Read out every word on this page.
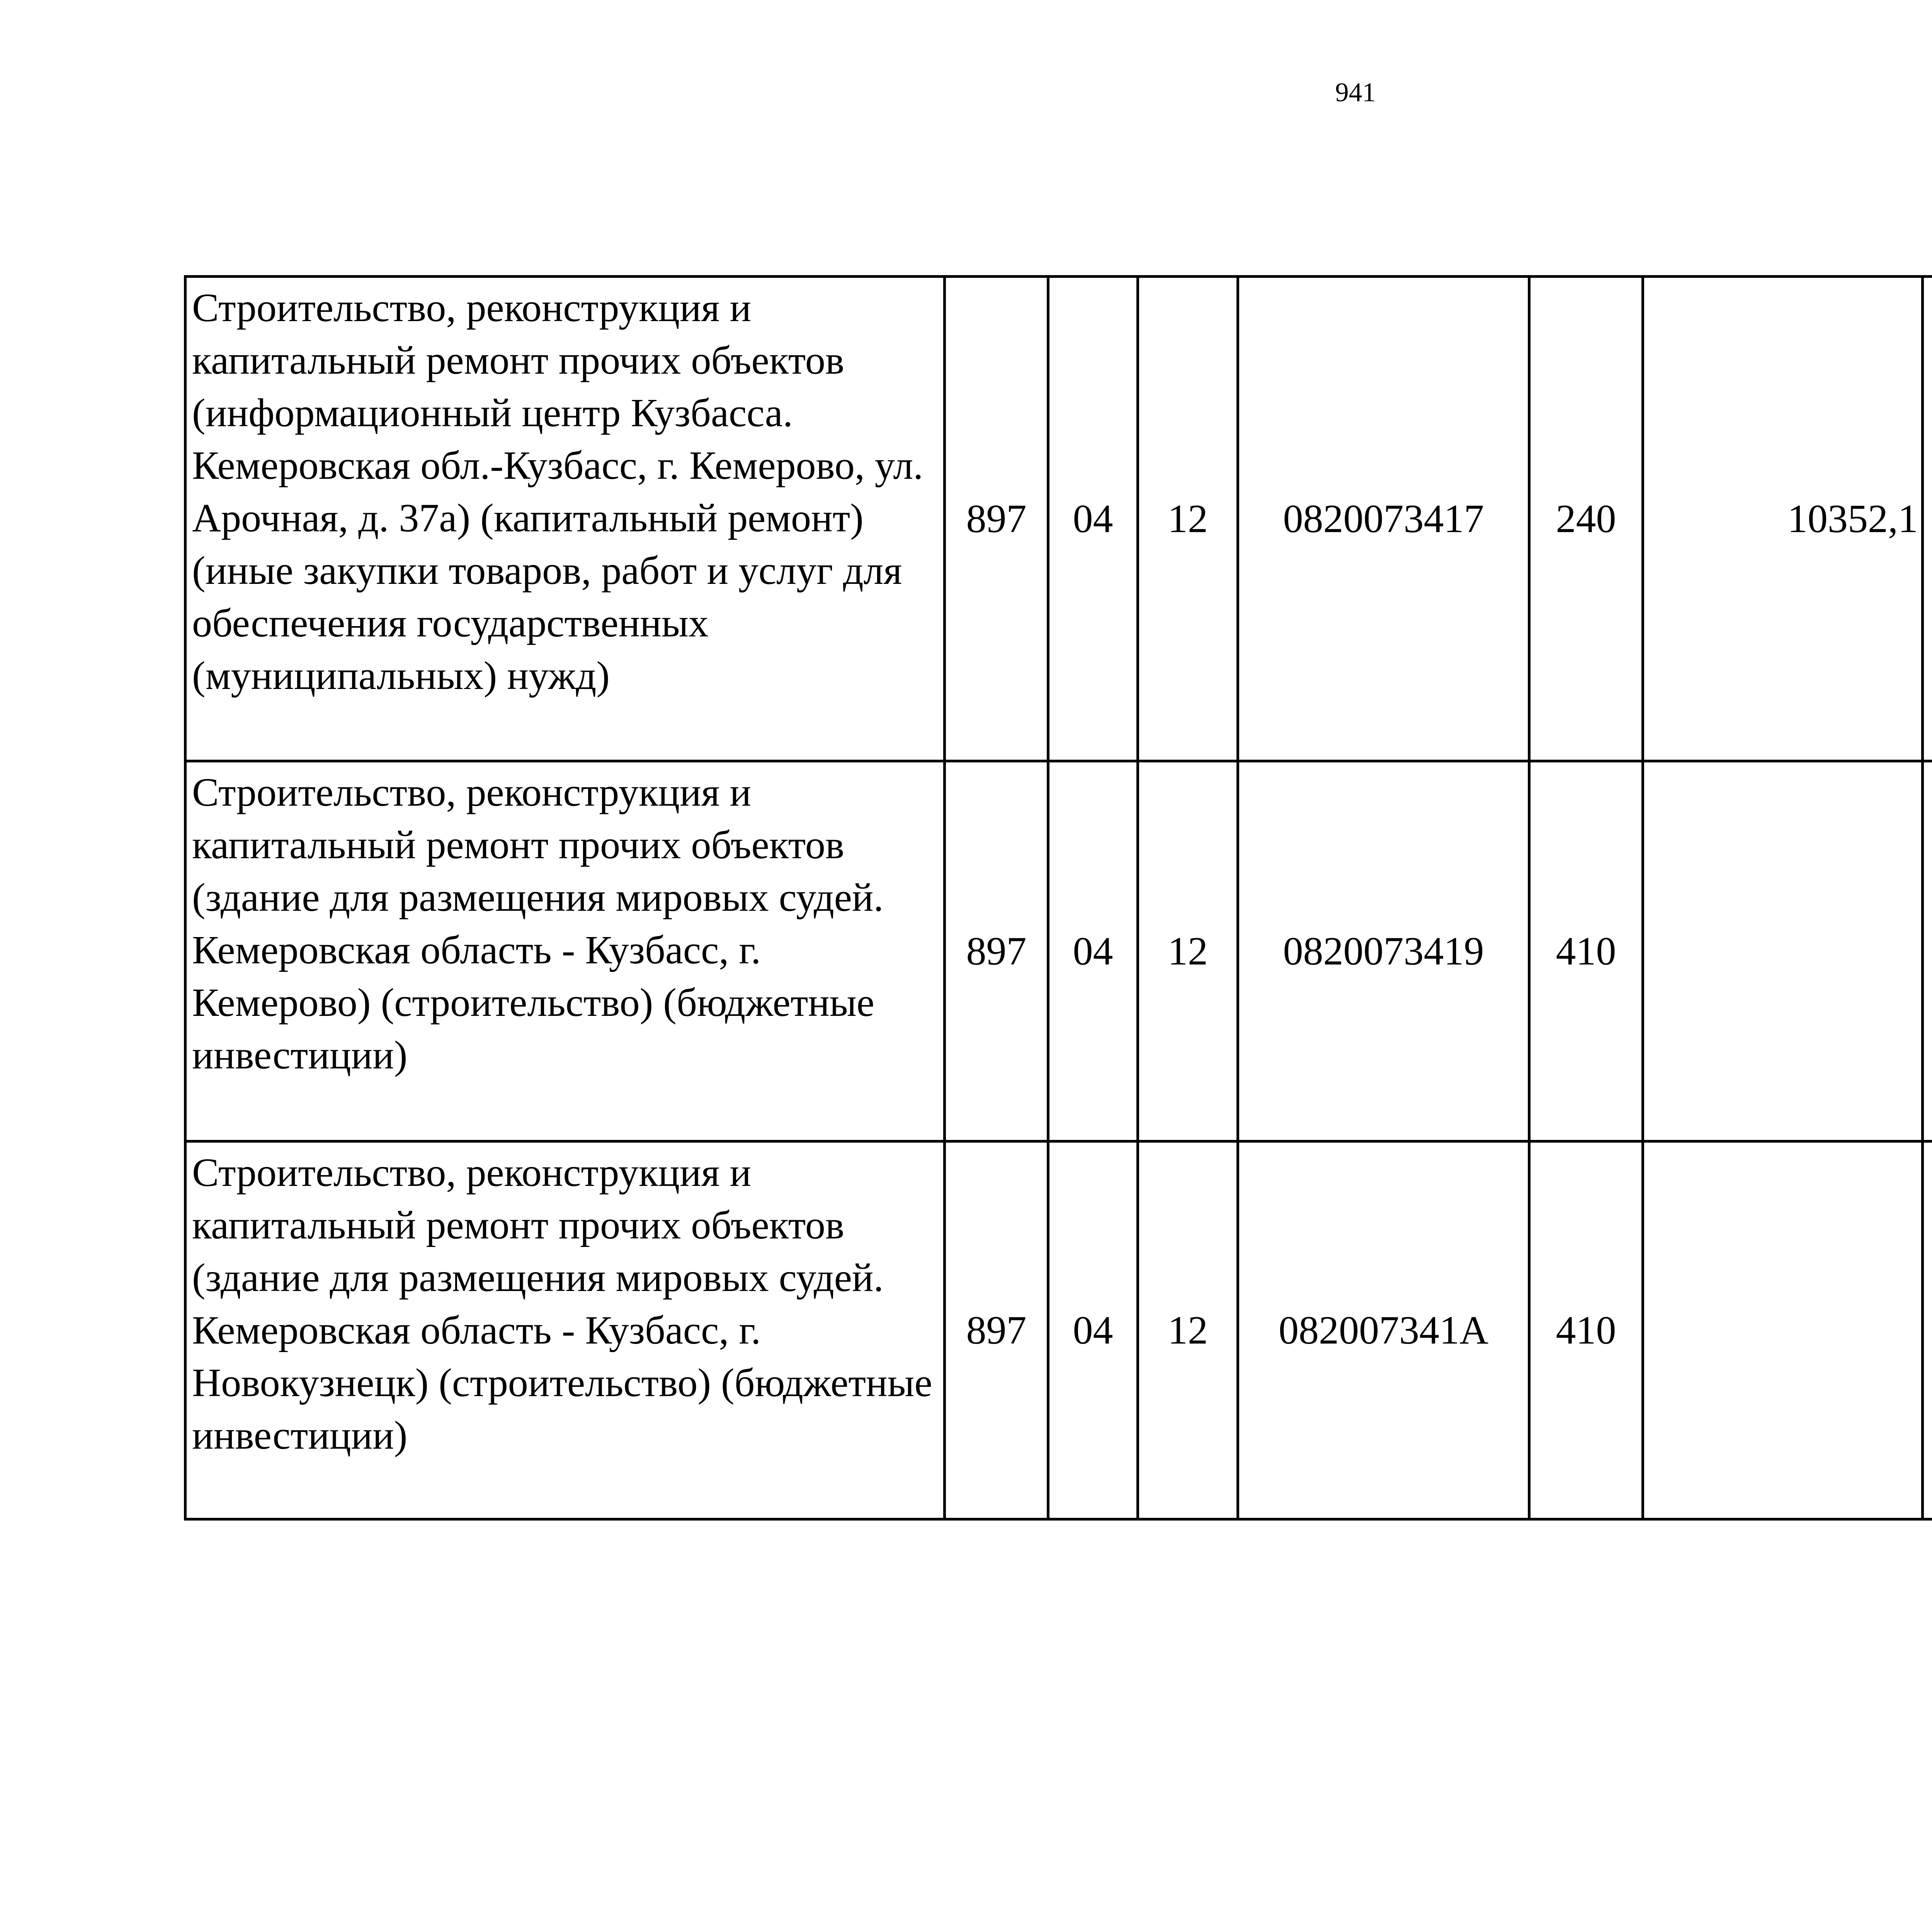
941
Строительство, реконструкция и капитальный ремонт прочих объектов (информационный центр Кузбасса. Кемеровская обл.-Кузбасс, г. Кемерово, ул. Арочная, д. 37а) (капитальный ремонт) (иные закупки товаров, работ и услуг для обеспечения государственных (муниципальных) нужд)	897	04	12	0820073417	240	10352,1		
Строительство, реконструкция и капитальный ремонт прочих объектов (здание для размещения мировых судей. Кемеровская область - Кузбасс, г. Кемерово) (строительство) (бюджетные инвестиции)	897	04	12	0820073419	410			
Строительство, реконструкция и капитальный ремонт прочих объектов (здание для размещения мировых судей. Кемеровская область - Кузбасс, г. Новокузнецк) (строительство) (бюджетные инвестиции)	897	04	12	082007341А	410			
